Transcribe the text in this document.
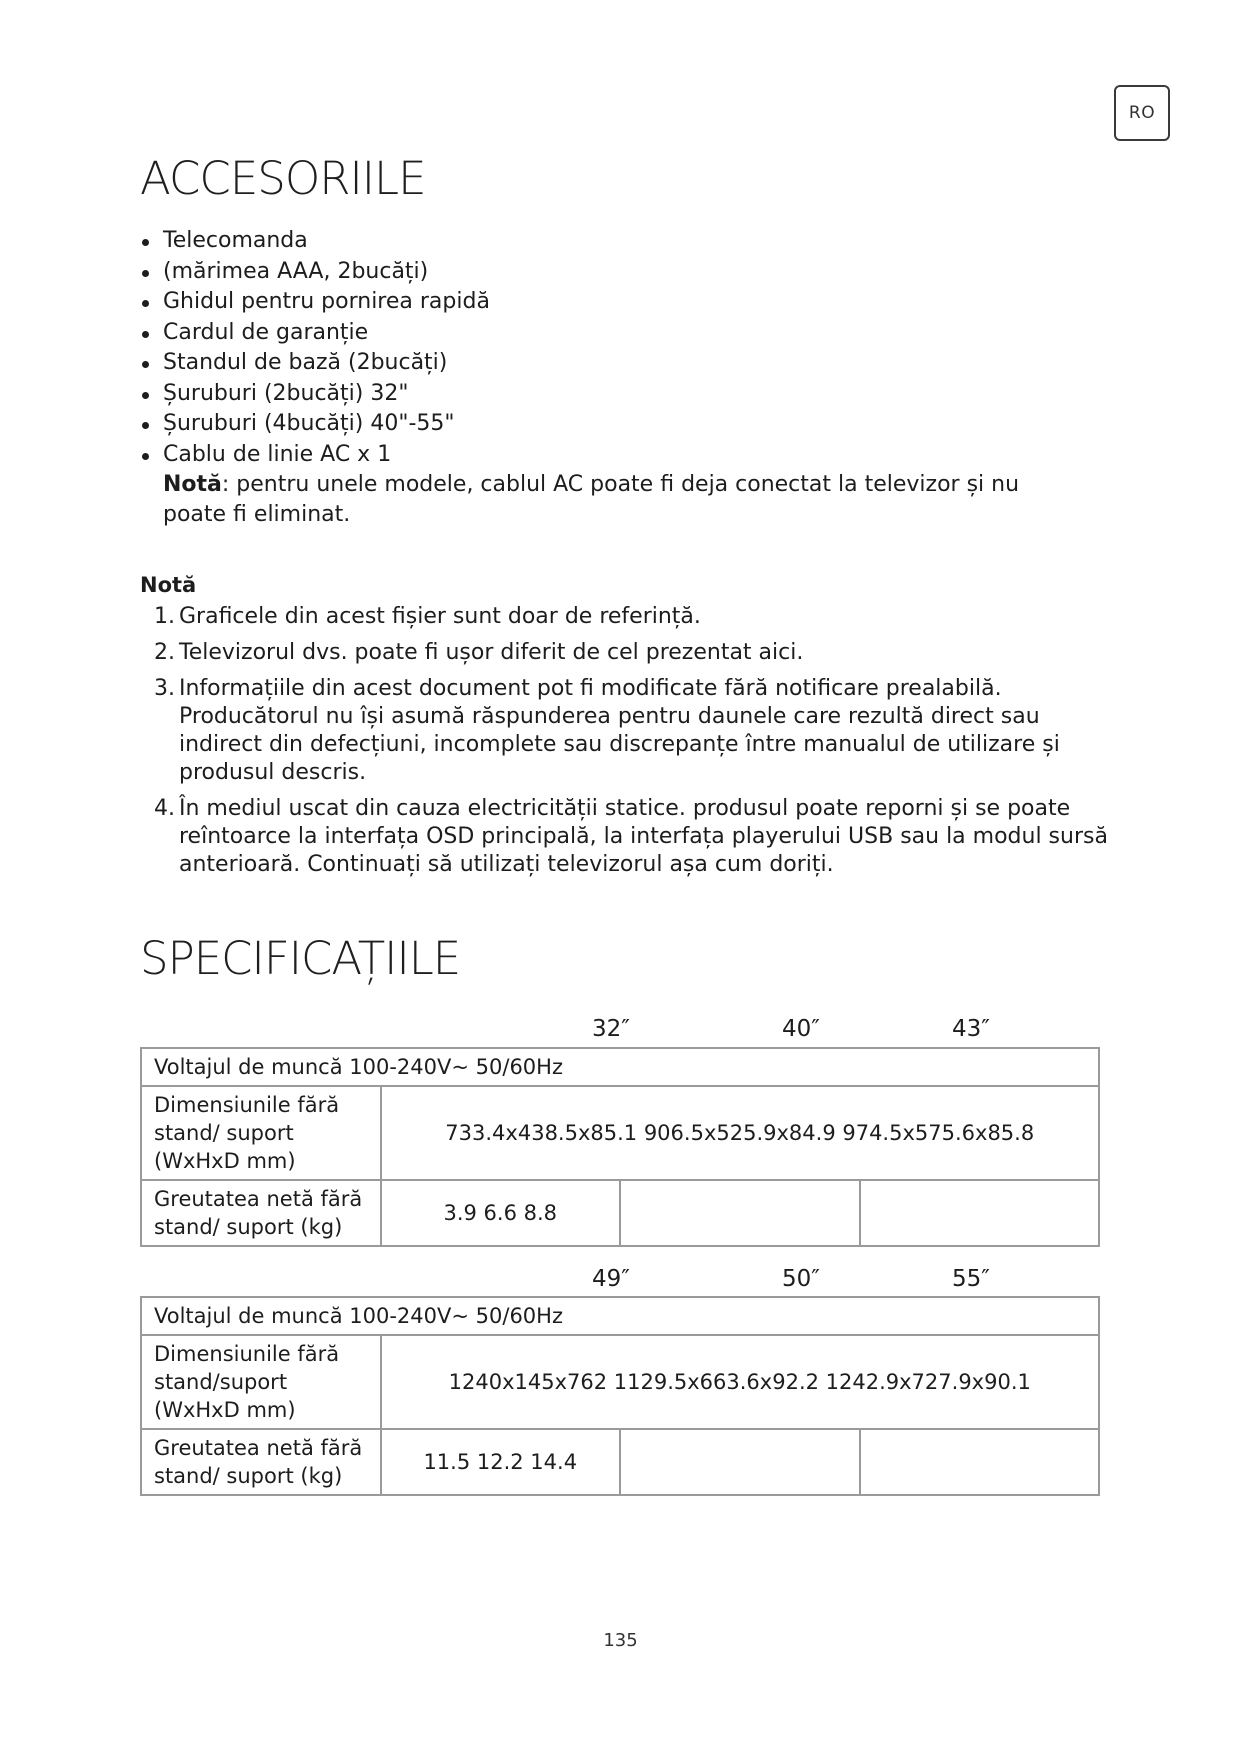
RO
ACCESORIILE
Telecomanda
(mărimea AAA, 2bucăți)
Ghidul pentru pornirea rapidă
Cardul de garanție
Standul de bază (2bucăți)
Șuruburi (2bucăți) 32"
Șuruburi (4bucăți) 40"-55"
Cablu de linie AC x 1
Notă: pentru unele modele, cablul AC poate fi deja conectat la televizor și nu poate fi eliminat.
Notă
1. Graficele din acest fișier sunt doar de referință.
2. Televizorul dvs. poate fi ușor diferit de cel prezentat aici.
3. Informațiile din acest document pot fi modificate fără notificare prealabilă. Producătorul nu își asumă răspunderea pentru daunele care rezultă direct sau indirect din defecțiuni, incomplete sau discrepanțe între manualul de utilizare și produsul descris.
4. În mediul uscat din cauza electricității statice. produsul poate reporni și se poate reîntoarce la interfața OSD principală, la interfața playerului USB sau la modul sursă anterioară. Continuați să utilizați televizorul așa cum doriți.
SPECIFICAȚIILE
32″	40″	43″
Voltajul de muncă 100-240V~ 50/60Hz			
Dimensiunile fără stand/ suport (WxHxD mm)	733.4x438.5x85.1 906.5x525.9x84.9 974.5x575.6x85.8		
Greutatea netă fără stand/ suport (kg)	3.9 6.6 8.8		
49″	50″	55″
Voltajul de muncă 100-240V~ 50/60Hz			
Dimensiunile fără stand/suport (WxHxD mm)	1240x145x762 1129.5x663.6x92.2 1242.9x727.9x90.1		
Greutatea netă fără stand/ suport (kg)	11.5 12.2 14.4		
135
